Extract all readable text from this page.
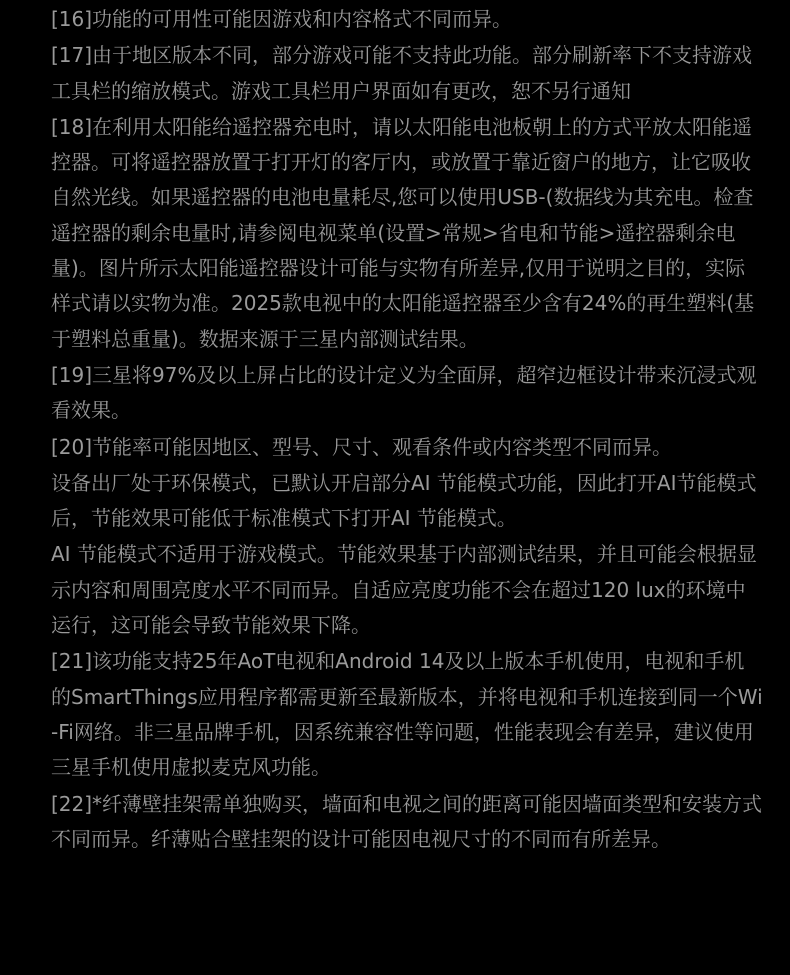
[16]功能的可用性可能因游戏和内容格式不同而异。

[17]由于地区版本不同，部分游戏可能不支持此功能。部分刷新率下不支持游戏工具栏的缩放模式。游戏工具栏用户界面如有更改，恕不另行通知

[18]在利用太阳能给遥控器充电时，请以太阳能电池板朝上的方式平放太阳能遥控器。可将遥控器放置于打开灯的客厅内，或放置于靠近窗户的地方，让它吸收自然光线。如果遥控器的电池电量耗尽,您可以使用USB-(数据线为其充电。检查遥控器的剩余电量时,请参阅电视菜单(设置>常规>省电和节能>遥控器剩余电量)。图片所示太阳能遥控器设计可能与实物有所差异,仅用于说明之目的，实际样式请以实物为准。2025款电视中的太阳能遥控器至少含有24%的再生塑料(基于塑料总重量)。数据来源于三星内部测试结果。

[19]三星将97%及以上屏占比的设计定义为全面屏，超窄边框设计带来沉浸式观看效果。

[20]节能率可能因地区、型号、尺寸、观看条件或内容类型不同而异。

设备出厂处于环保模式，已默认开启部分AI 节能模式功能，因此打开AI节能模式后，节能效果可能低于标准模式下打开AI 节能模式。

AI 节能模式不适用于游戏模式。节能效果基于内部测试结果，并且可能会根据显示内容和周围亮度水平不同而异。自适应亮度功能不会在超过120 lux的环境中运行，这可能会导致节能效果下降。

[21]该功能支持25年AoT电视和Android 14及以上版本手机使用，电视和手机的SmartThings应用程序都需更新至最新版本，并将电视和手机连接到同一个Wi-Fi网络。非三星品牌手机，因系统兼容性等问题，性能表现会有差异，建议使用三星手机使用虚拟麦克风功能。

[22]*纤薄壁挂架需单独购买，墙面和电视之间的距离可能因墙面类型和安装方式不同而异。纤薄贴合壁挂架的设计可能因电视尺寸的不同而有所差异。
